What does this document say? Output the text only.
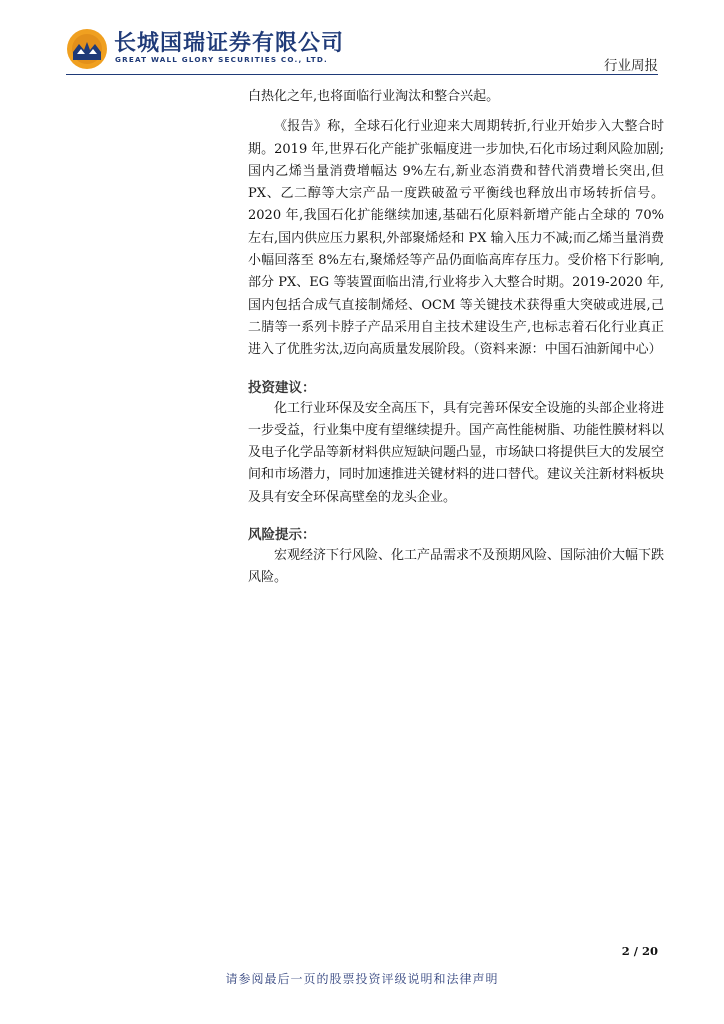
长城国瑞证券有限公司
GREAT WALL GLORY SECURITIES CO., LTD.	行业周报

白热化之年,也将面临行业淘汰和整合兴起。

《报告》称，全球石化行业迎来大周期转折,行业开始步入大整合时期。2019 年,世界石化产能扩张幅度进一步加快,石化市场过剩风险加剧;国内乙烯当量消费增幅达 9%左右,新业态消费和替代消费增长突出,但 PX、乙二醇等大宗产品一度跌破盈亏平衡线也释放出市场转折信号。2020 年,我国石化扩能继续加速,基础石化原料新增产能占全球的 70%左右,国内供应压力累积,外部聚烯烃和 PX 输入压力不减;而乙烯当量消费小幅回落至 8%左右,聚烯烃等产品仍面临高库存压力。受价格下行影响,部分 PX、EG 等装置面临出清,行业将步入大整合时期。2019-2020 年,国内包括合成气直接制烯烃、OCM 等关键技术获得重大突破或进展,己二腈等一系列卡脖子产品采用自主技术建设生产,也标志着石化行业真正进入了优胜劣汰,迈向高质量发展阶段。（资料来源：中国石油新闻中心）

投资建议：

化工行业环保及安全高压下，具有完善环保安全设施的头部企业将进一步受益，行业集中度有望继续提升。国产高性能树脂、功能性膜材料以及电子化学品等新材料供应短缺问题凸显，市场缺口将提供巨大的发展空间和市场潜力，同时加速推进关键材料的进口替代。建议关注新材料板块及具有安全环保高壁垒的龙头企业。

风险提示：

宏观经济下行风险、化工产品需求不及预期风险、国际油价大幅下跌风险。

2 / 20
请参阅最后一页的股票投资评级说明和法律声明
